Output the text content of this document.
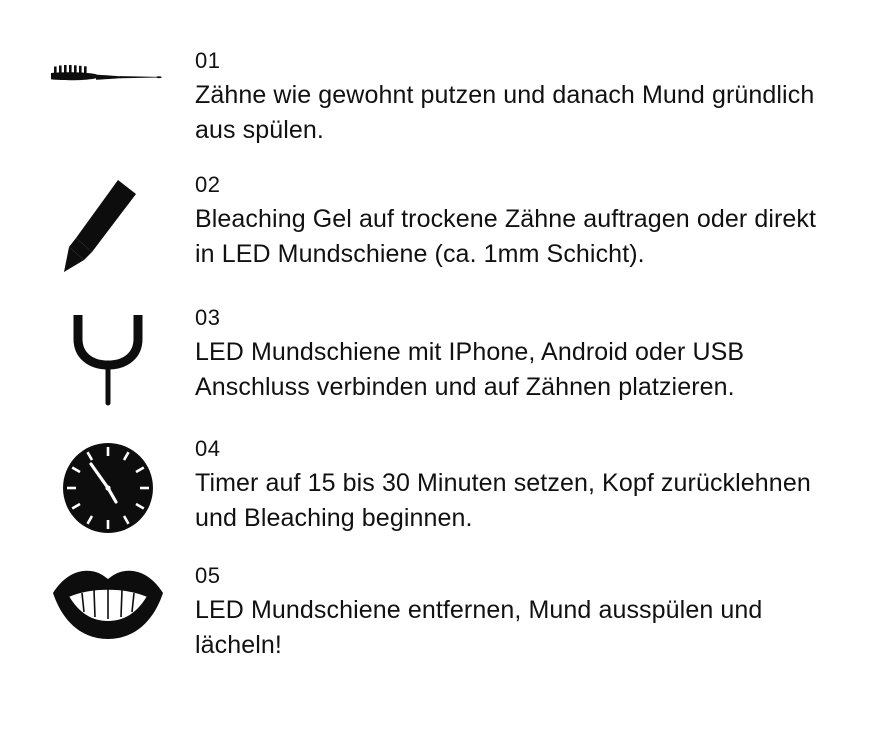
01
Zähne wie gewohnt putzen und danach Mund gründlich aus spülen.
02
Bleaching Gel auf trockene Zähne auftragen oder direkt in LED Mundschiene (ca. 1mm Schicht).
03
LED Mundschiene mit IPhone, Android oder USB Anschluss verbinden und auf Zähnen platzieren.
04
Timer auf 15 bis 30 Minuten setzen, Kopf zurücklehnen und Bleaching beginnen.
05
LED Mundschiene entfernen, Mund ausspülen und lächeln!
